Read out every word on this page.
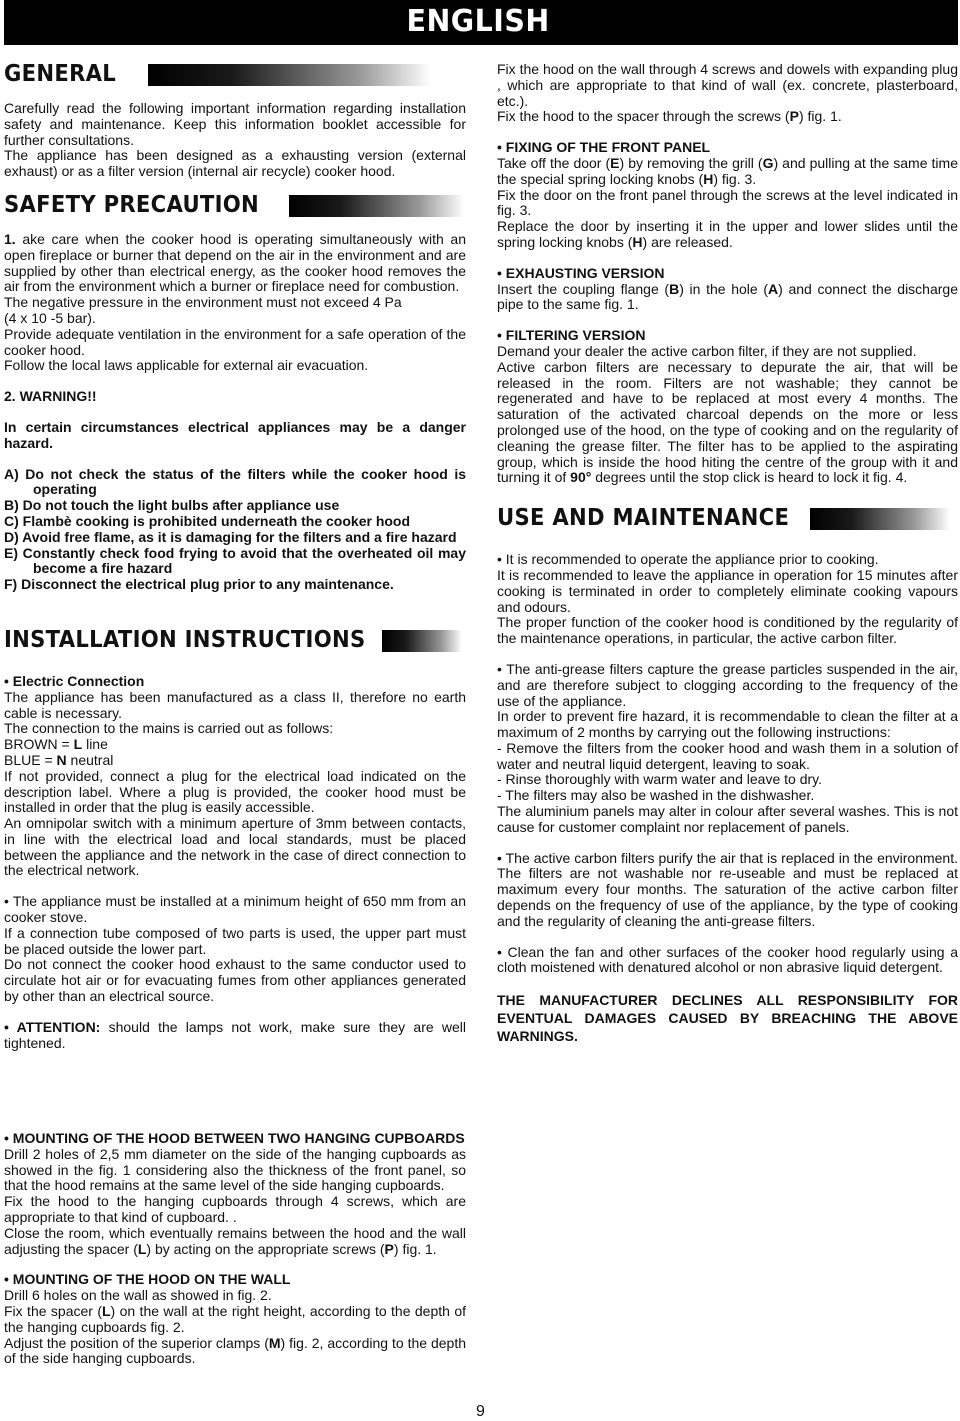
ENGLISH
GENERAL

Carefully read the following important information regarding installation safety and maintenance. Keep this information booklet accessible for further consultations.

The appliance has been designed as a exhausting version (external exhaust) or as a filter version (internal air recycle) cooker hood.

SAFETY PRECAUTION

1. ake care when the cooker hood is operating simultaneously with an open fireplace or burner that depend on the air in the environment and are supplied by other than electrical energy, as the cooker hood removes the air from the environment which a burner or fireplace need for combustion.

The negative pressure in the environment must not exceed 4 Pa

(4 x 10 -5 bar).

Provide adequate ventilation in the environment for a safe operation of the cooker hood.

Follow the local laws applicable for external air evacuation.

2. WARNING!!

In certain circumstances electrical appliances may be a danger hazard.

A) Do not check the status of the filters while the cooker hood is operating
B) Do not touch the light bulbs after appliance use
C) Flambè cooking is prohibited underneath the cooker hood
D) Avoid free flame, as it is damaging for the filters and a fire hazard
E) Constantly check food frying to avoid that the overheated oil may become a fire hazard
F) Disconnect the electrical plug prior to any maintenance.
INSTALLATION INSTRUCTIONS

• Electric Connection

The appliance has been manufactured as a class II, therefore no earth cable is necessary.

The connection to the mains is carried out as follows:

BROWN = L line

BLUE = N neutral

If not provided, connect a plug for the electrical load indicated on the description label. Where a plug is provided, the cooker hood must be installed in order that the plug is easily accessible.

An omnipolar switch with a minimum aperture of 3mm between contacts, in line with the electrical load and local standards, must be placed between the appliance and the network in the case of direct connection to the electrical network.

• The appliance must be installed at a minimum height of 650 mm from an cooker stove.

If a connection tube composed of two parts is used, the upper part must be placed outside the lower part.

Do not connect the cooker hood exhaust to the same conductor used to circulate hot air or for evacuating fumes from other appliances generated by other than an electrical source.

• ATTENTION: should the lamps not work, make sure they are well tightened.

• MOUNTING OF THE HOOD BETWEEN TWO HANGING CUPBOARDS

Drill 2 holes of 2,5 mm diameter on the side of the hanging cupboards as showed in the fig. 1 considering also the thickness of the front panel, so that the hood remains at the same level of the side hanging cupboards.

Fix the hood to the hanging cupboards through 4 screws, which are appropriate to that kind of cupboard. .

Close the room, which eventually remains between the hood and the wall adjusting the spacer (L) by acting on the appropriate screws (P) fig. 1.

• MOUNTING OF THE HOOD ON THE WALL

Drill 6 holes on the wall as showed in fig. 2.

Fix the spacer (L) on the wall at the right height, according to the depth of the hanging cupboards fig. 2.

Adjust the position of the superior clamps (M) fig. 2, according to the depth of the side hanging cupboards.

Fix the hood on the wall through 4 screws and dowels with expanding plug , which are appropriate to that kind of wall (ex. concrete, plasterboard, etc.).

Fix the hood to the spacer through the screws (P) fig. 1.

• FIXING OF THE FRONT PANEL

Take off the door (E) by removing the grill (G) and pulling at the same time the special spring locking knobs (H) fig. 3.

Fix the door on the front panel through the screws at the level indicated in fig. 3.

Replace the door by inserting it in the upper and lower slides until the spring locking knobs (H) are released.

• EXHAUSTING VERSION

Insert the coupling flange (B) in the hole (A) and connect the discharge pipe to the same fig. 1.

• FILTERING VERSION

Demand your dealer the active carbon filter, if they are not supplied.

Active carbon filters are necessary to depurate the air, that will be released in the room. Filters are not washable; they cannot be regenerated and have to be replaced at most every 4 months. The saturation of the activated charcoal depends on the more or less prolonged use of the hood, on the type of cooking and on the regularity of cleaning the grease filter. The filter has to be applied to the aspirating group, which is inside the hood hiting the centre of the group with it and turning it of 90° degrees until the stop click is heard to lock it fig. 4.

USE AND MAINTENANCE

• It is recommended to operate the appliance prior to cooking.

It is recommended to leave the appliance in operation for 15 minutes after cooking is terminated in order to completely eliminate cooking vapours and odours.

The proper function of the cooker hood is conditioned by the regularity of the maintenance operations, in particular, the active carbon filter.

• The anti-grease filters capture the grease particles suspended in the air, and are therefore subject to clogging according to the frequency of the use of the appliance.

In order to prevent fire hazard, it is recommendable to clean the filter at a maximum of 2 months by carrying out the following instructions:

- Remove the filters from the cooker hood and wash them in a solution of water and neutral liquid detergent, leaving to soak.

- Rinse thoroughly with warm water and leave to dry.

- The filters may also be washed in the dishwasher.

The aluminium panels may alter in colour after several washes. This is not cause for customer complaint nor replacement of panels.

• The active carbon filters purify the air that is replaced in the environment. The filters are not washable nor re-useable and must be replaced at maximum every four months. The saturation of the active carbon filter depends on the frequency of use of the appliance, by the type of cooking and the regularity of cleaning the anti-grease filters.

• Clean the fan and other surfaces of the cooker hood regularly using a cloth moistened with denatured alcohol or non abrasive liquid detergent.

THE MANUFACTURER DECLINES ALL RESPONSIBILITY FOR EVENTUAL DAMAGES CAUSED BY BREACHING THE ABOVE WARNINGS.

9
